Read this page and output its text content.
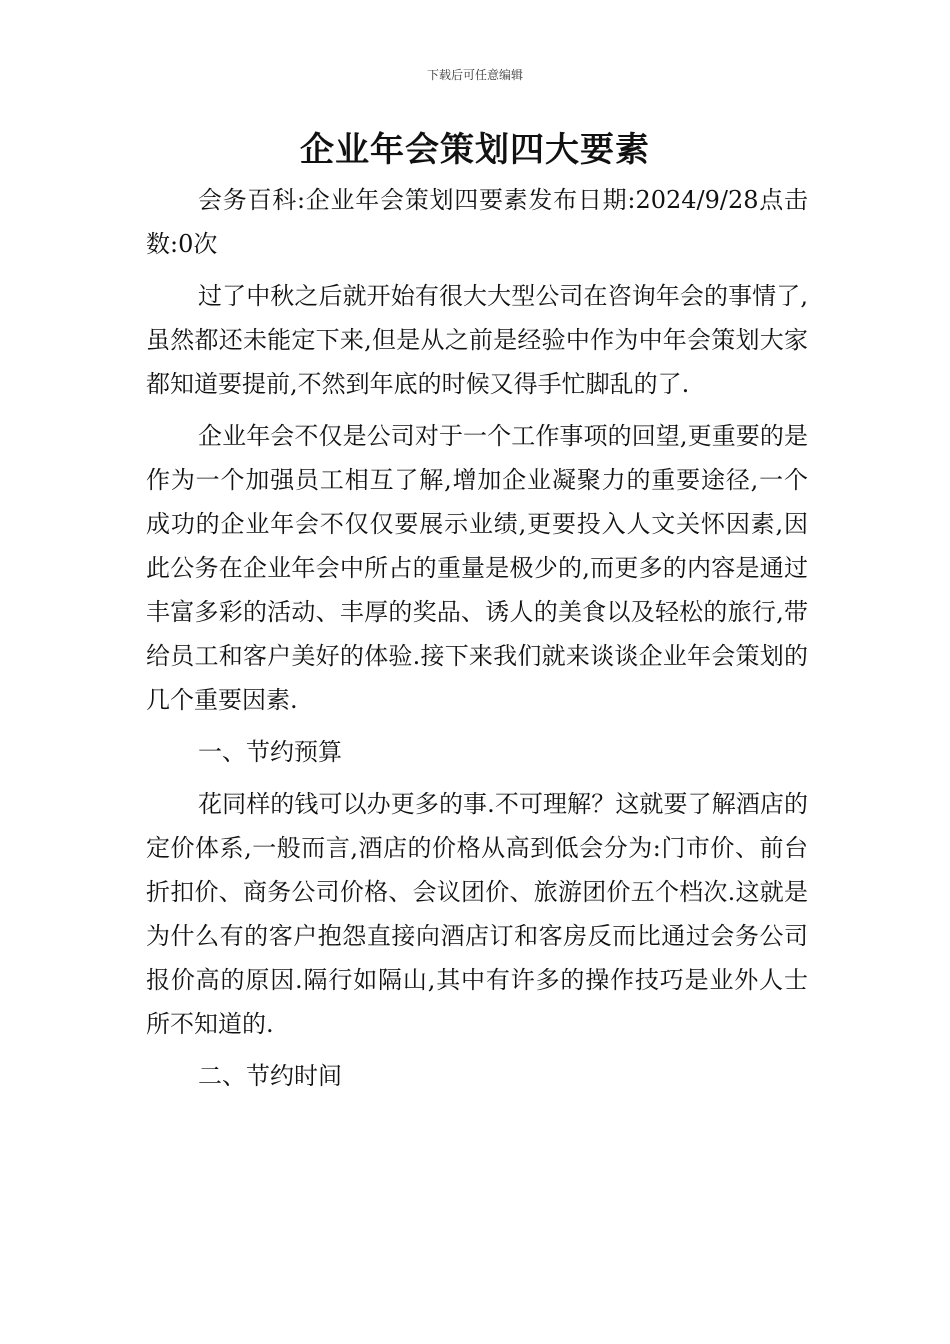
下载后可任意编辑
企业年会策划四大要素

会务百科:企业年会策划四要素发布日期:2024/9/28点击数:0次

过了中秋之后就开始有很大大型公司在咨询年会的事情了,虽然都还未能定下来,但是从之前是经验中作为中年会策划大家都知道要提前,不然到年底的时候又得手忙脚乱的了.

企业年会不仅是公司对于一个工作事项的回望,更重要的是作为一个加强员工相互了解,增加企业凝聚力的重要途径,一个成功的企业年会不仅仅要展示业绩,更要投入人文关怀因素,因此公务在企业年会中所占的重量是极少的,而更多的内容是通过丰富多彩的活动、丰厚的奖品、诱人的美食以及轻松的旅行,带给员工和客户美好的体验.接下来我们就来谈谈企业年会策划的几个重要因素.

一、节约预算

花同样的钱可以办更多的事.不可理解？这就要了解酒店的定价体系,一般而言,酒店的价格从高到低会分为:门市价、前台折扣价、商务公司价格、会议团价、旅游团价五个档次.这就是为什么有的客户抱怨直接向酒店订和客房反而比通过会务公司报价高的原因.隔行如隔山,其中有许多的操作技巧是业外人士所不知道的.

二、节约时间
